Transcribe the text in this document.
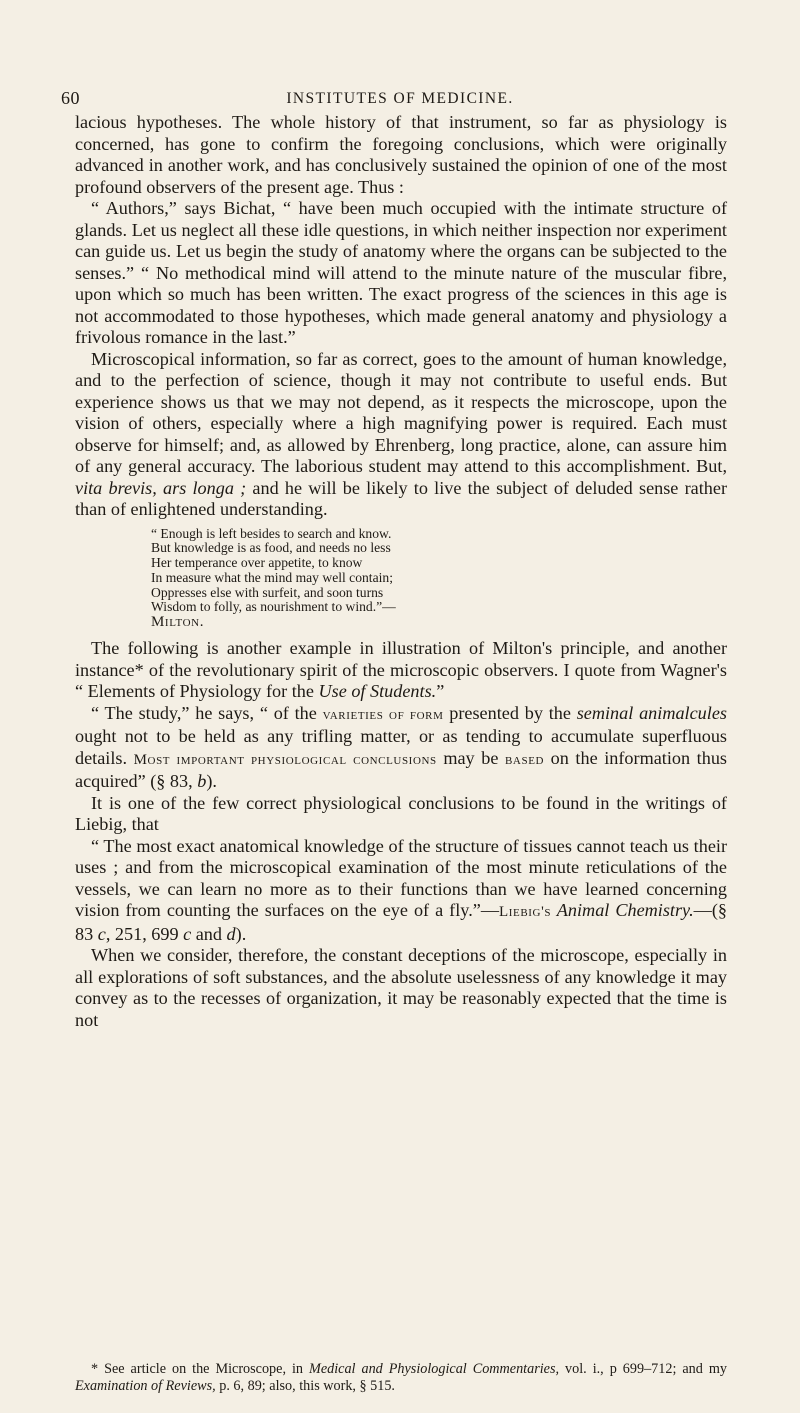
60	INSTITUTES OF MEDICINE.

lacious hypotheses. The whole history of that instrument, so far as physiology is concerned, has gone to confirm the foregoing conclusions, which were originally advanced in another work, and has conclusively sustained the opinion of one of the most profound observers of the present age. Thus :

“ Authors,” says Bichat, “ have been much occupied with the intimate structure of glands. Let us neglect all these idle questions, in which neither inspection nor experiment can guide us. Let us begin the study of anatomy where the organs can be subjected to the senses.” “ No methodical mind will attend to the minute nature of the muscular fibre, upon which so much has been written. The exact progress of the sciences in this age is not accommodated to those hypotheses, which made general anatomy and physiology a frivolous romance in the last.”

Microscopical information, so far as correct, goes to the amount of human knowledge, and to the perfection of science, though it may not contribute to useful ends. But experience shows us that we may not depend, as it respects the microscope, upon the vision of others, especially where a high magnifying power is required. Each must observe for himself; and, as allowed by Ehrenberg, long practice, alone, can assure him of any general accuracy. The laborious student may attend to this accomplishment. But, vita brevis, ars longa ; and he will be likely to live the subject of deluded sense rather than of enlightened understanding.

“ Enough is left besides to search and know.
But knowledge is as food, and needs no less
Her temperance over appetite, to know
In measure what the mind may well contain;
Oppresses else with surfeit, and soon turns
Wisdom to folly, as nourishment to wind.”—
Milton.

The following is another example in illustration of Milton's principle, and another instance* of the revolutionary spirit of the microscopic observers. I quote from Wagner's “ Elements of Physiology for the Use of Students.”

“ The study,” he says, “ of the varieties of form presented by the seminal animalcules ought not to be held as any trifling matter, or as tending to accumulate superfluous details. Most important physiological conclusions may be based on the information thus acquired” (§ 83, b).

It is one of the few correct physiological conclusions to be found in the writings of Liebig, that

“ The most exact anatomical knowledge of the structure of tissues cannot teach us their uses ; and from the microscopical examination of the most minute reticulations of the vessels, we can learn no more as to their functions than we have learned concerning vision from counting the surfaces on the eye of a fly.”—Liebig's Animal Chemistry.—(§ 83 c, 251, 699 c and d).

When we consider, therefore, the constant deceptions of the microscope, especially in all explorations of soft substances, and the absolute uselessness of any knowledge it may convey as to the recesses of organization, it may be reasonably expected that the time is not

* See article on the Microscope, in Medical and Physiological Commentaries, vol. i., p 699–712; and my Examination of Reviews, p. 6, 89; also, this work, § 515.
